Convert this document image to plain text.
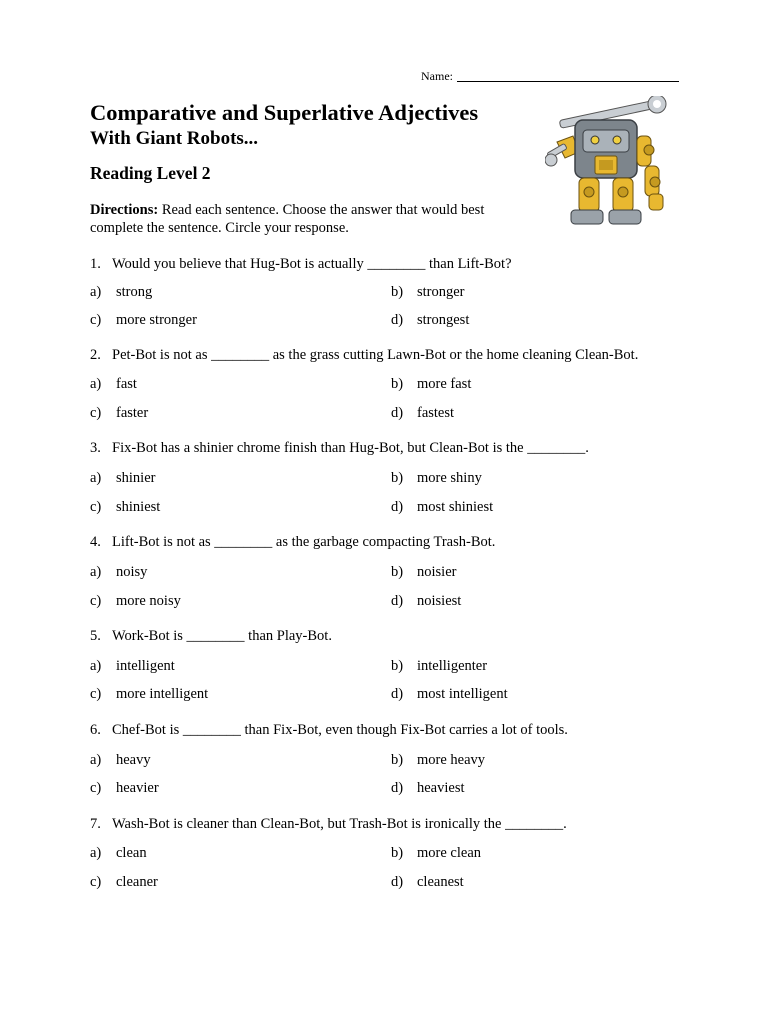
Name:
Comparative and Superlative Adjectives
With Giant Robots...
Reading Level 2

Directions: Read each sentence. Choose the answer that would best complete the sentence. Circle your response.

1. Would you believe that Hug-Bot is actually ________ than Lift-Bot?
a) strong	b) stronger
c) more stronger	d) strongest
2. Pet-Bot is not as ________ as the grass cutting Lawn-Bot or the home cleaning Clean-Bot.
a) fast	b) more fast
c) faster	d) fastest
3. Fix-Bot has a shinier chrome finish than Hug-Bot, but Clean-Bot is the ________.
a) shinier	b) more shiny
c) shiniest	d) most shiniest
4. Lift-Bot is not as ________ as the garbage compacting Trash-Bot.
a) noisy	b) noisier
c) more noisy	d) noisiest
5. Work-Bot is ________ than Play-Bot.
a) intelligent	b) intelligenter
c) more intelligent	d) most intelligent
6. Chef-Bot is ________ than Fix-Bot, even though Fix-Bot carries a lot of tools.
a) heavy	b) more heavy
c) heavier	d) heaviest
7. Wash-Bot is cleaner than Clean-Bot, but Trash-Bot is ironically the ________.
a) clean	b) more clean
c) cleaner	d) cleanest
